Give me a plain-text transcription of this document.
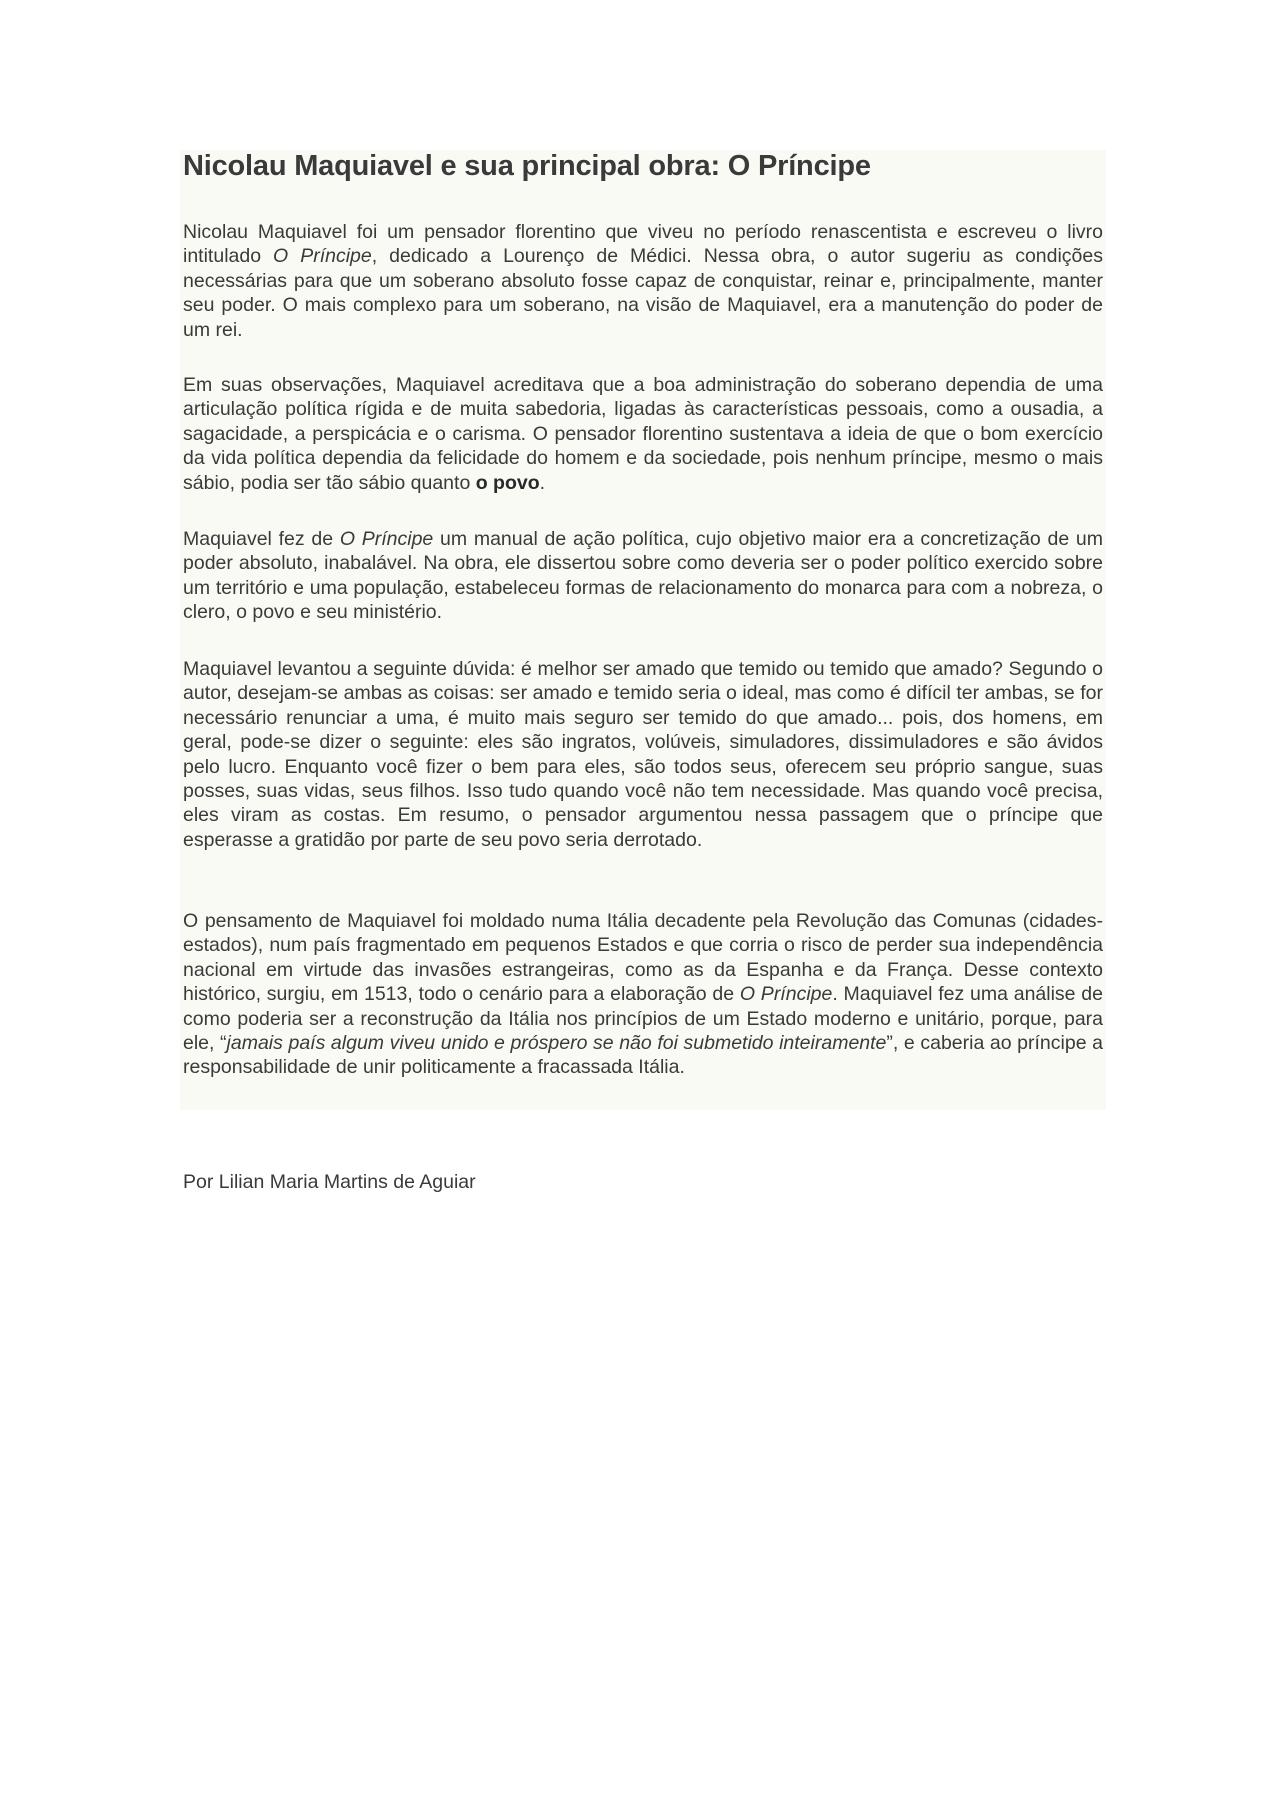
Nicolau Maquiavel e sua principal obra: O Príncipe

Nicolau Maquiavel foi um pensador florentino que viveu no período renascentista e escreveu o livro intitulado O Príncipe, dedicado a Lourenço de Médici. Nessa obra, o autor sugeriu as condições necessárias para que um soberano absoluto fosse capaz de conquistar, reinar e, principalmente, manter seu poder. O mais complexo para um soberano, na visão de Maquiavel, era a manutenção do poder de um rei.

Em suas observações, Maquiavel acreditava que a boa administração do soberano dependia de uma articulação política rígida e de muita sabedoria, ligadas às características pessoais, como a ousadia, a sagacidade, a perspicácia e o carisma. O pensador florentino sustentava a ideia de que o bom exercício da vida política dependia da felicidade do homem e da sociedade, pois nenhum príncipe, mesmo o mais sábio, podia ser tão sábio quanto o povo.

Maquiavel fez de O Príncipe um manual de ação política, cujo objetivo maior era a concretização de um poder absoluto, inabalável. Na obra, ele dissertou sobre como deveria ser o poder político exercido sobre um território e uma população, estabeleceu formas de relacionamento do monarca para com a nobreza, o clero, o povo e seu ministério.

Maquiavel levantou a seguinte dúvida: é melhor ser amado que temido ou temido que amado? Segundo o autor, desejam-se ambas as coisas: ser amado e temido seria o ideal, mas como é difícil ter ambas, se for necessário renunciar a uma, é muito mais seguro ser temido do que amado... pois, dos homens, em geral, pode-se dizer o seguinte: eles são ingratos, volúveis, simuladores, dissimuladores e são ávidos pelo lucro. Enquanto você fizer o bem para eles, são todos seus, oferecem seu próprio sangue, suas posses, suas vidas, seus filhos. Isso tudo quando você não tem necessidade. Mas quando você precisa, eles viram as costas. Em resumo, o pensador argumentou nessa passagem que o príncipe que esperasse a gratidão por parte de seu povo seria derrotado.

O pensamento de Maquiavel foi moldado numa Itália decadente pela Revolução das Comunas (cidades-estados), num país fragmentado em pequenos Estados e que corria o risco de perder sua independência nacional em virtude das invasões estrangeiras, como as da Espanha e da França. Desse contexto histórico, surgiu, em 1513, todo o cenário para a elaboração de O Príncipe. Maquiavel fez uma análise de como poderia ser a reconstrução da Itália nos princípios de um Estado moderno e unitário, porque, para ele, “jamais país algum viveu unido e próspero se não foi submetido inteiramente”, e caberia ao príncipe a responsabilidade de unir politicamente a fracassada Itália.

Por Lilian Maria Martins de Aguiar
